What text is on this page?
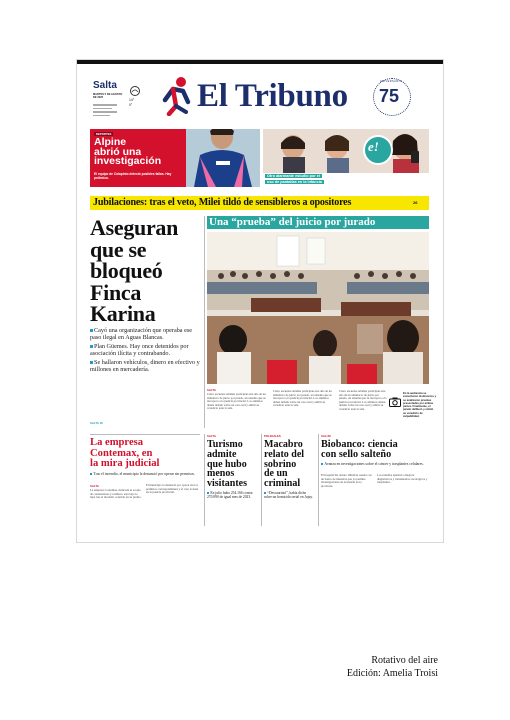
Salta
MARTES 5 DE AGOSTO DE 2025
14°
0° El Tribuno	ANIVERSARIO
75
DEPORTES
Alpine
abrió una
investigación
El equipo de Colapinto detectó posibles fallas. Hay polémica.
e!
Otro alarmante estudio por el
uso de pantallas en la infancia
Jubilaciones: tras el veto, Milei tildó de sensibleros a opositores	26
Aseguran
que se
bloqueó
Finca
Karina
Cayó una organización que operaba ese paso ilegal en Aguas Blancas.
Plan Güemes. Hay once detenidos por asociación ilícita y contrabando.
Se hallaron vehículos, dinero en efectivo y millones en mercadería.
SALTA 18
Una “prueba” del juicio por jurado
SALTA
Cinco escuelas salteñas participan este año de un simulacro de juicio por jurado, un sistema que se incorpora a la justicia provincial. Los alumnos deben debatir sobre un caso real y emitir su veredicto ante la sala.
Cinco escuelas salteñas participan este año de un simulacro de juicio por jurado, un sistema que se incorpora a la justicia provincial. Los alumnos deben debatir sobre un caso real y emitir su veredicto ante la sala.
Cinco escuelas salteñas participan este año de un simulacro de juicio por jurado, un sistema que se incorpora a la justicia provincial. Los alumnos deben debatir sobre un caso real y emitir su veredicto ante la sala.
En la audiencia se escucharon testimonios y se analizaron pruebas presentadas por ambas partes. Finalmente, el jurado deliberó y emitió su veredicto de culpabilidad.
La empresa
Contemax, en
la mira judicial
Tras el incendio, el municipio la denunció por operar sin permisos.
SALTA
La empresa Contemax, dedicada al acopio de contenedores y residuos, está bajo la lupa tras el incendio ocurrido en su predio.
El municipio la denunció por operar sin los permisos correspondientes y el caso avanza en la justicia provincial.
SALTA
Turismo
admite
que hubo
menos
visitantes
En julio hubo 254.166 contra 270.890 de igual mes de 2023.
POLICIALES
Macabro
relato del
sobrino
de un
criminal
“Descuartizó”, había dicho sobre un homicida serial en Jujuy.
SALUD
Biobanco: ciencia
con sello salteño
Avanza en investigaciones sobre el cáncer y trasplantes celulares.
El hospital Dr. Arturo Oñativia cuenta con un banco de muestras que ya permite investigaciones de avanzada en la provincia.
Los estudios apuntan a mejorar diagnósticos y tratamientos oncológicos y trasplantes.
Rotativo del aire
Edición: Amelia Troisi
